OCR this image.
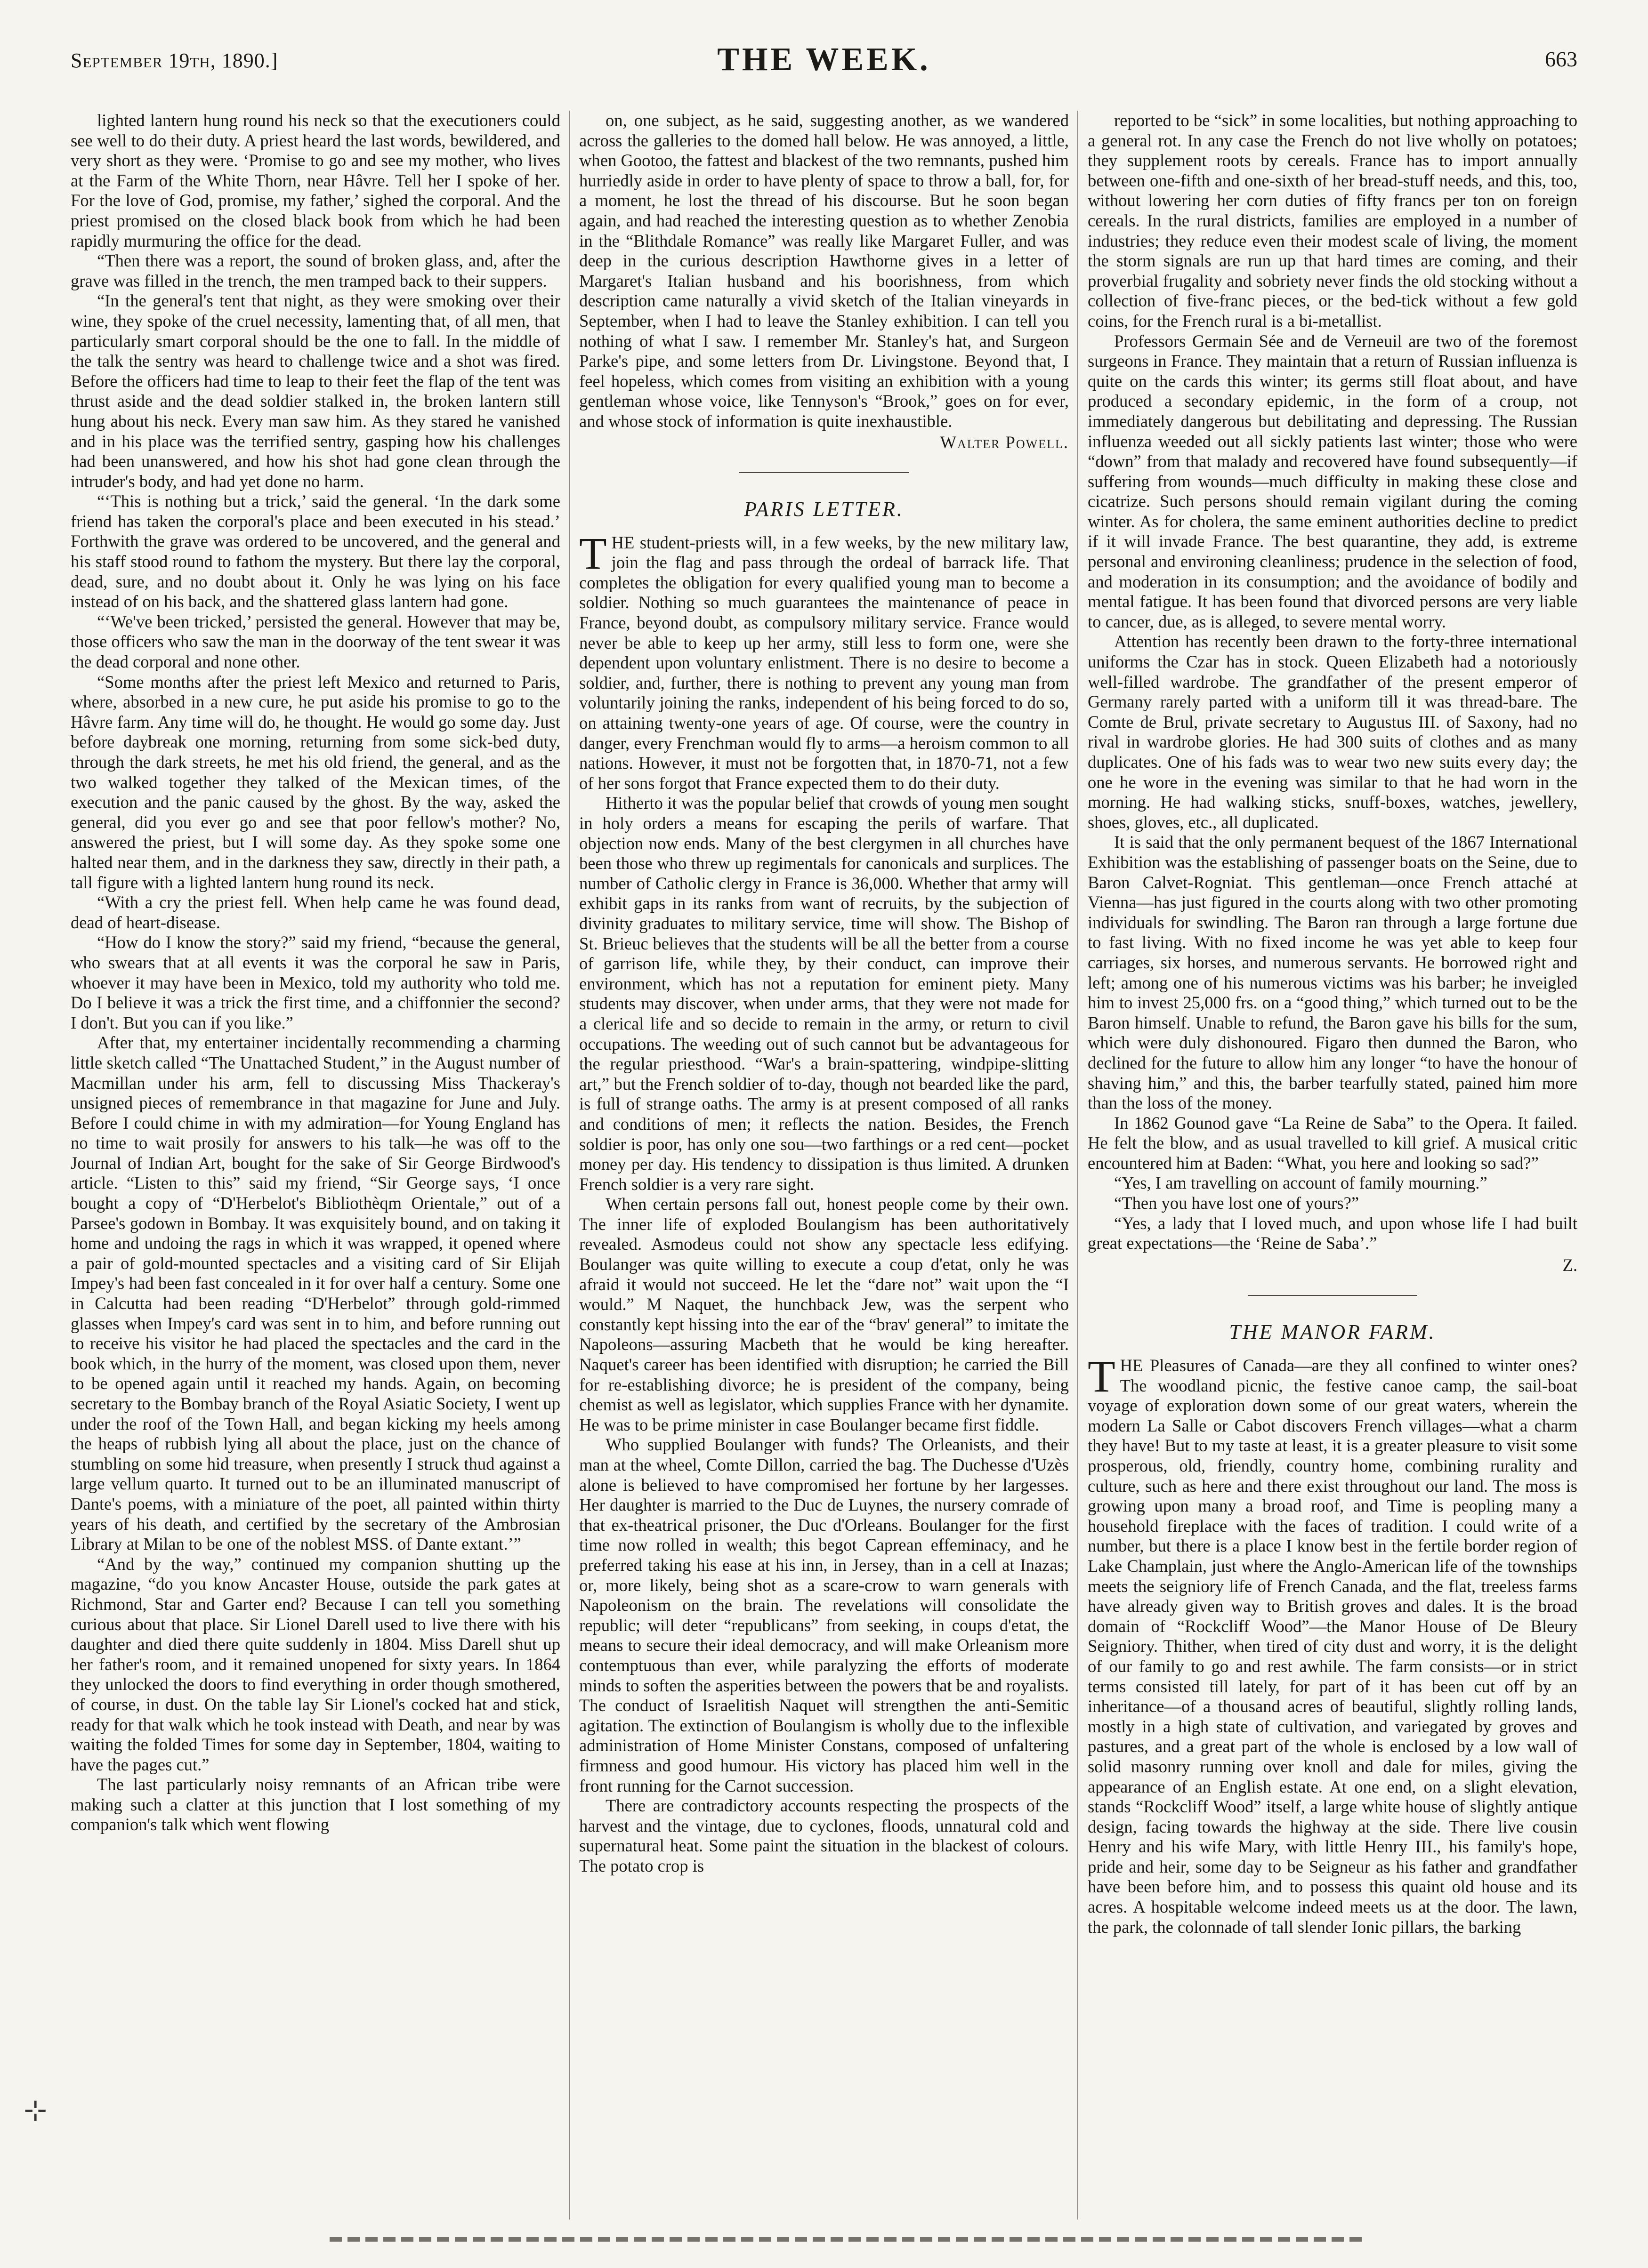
September 19th, 1890.]	THE WEEK.	663

lighted lantern hung round his neck so that the executioners could see well to do their duty. A priest heard the last words, bewildered, and very short as they were. ‘Promise to go and see my mother, who lives at the Farm of the White Thorn, near Hâvre. Tell her I spoke of her. For the love of God, promise, my father,’ sighed the corporal. And the priest promised on the closed black book from which he had been rapidly murmuring the office for the dead.

“Then there was a report, the sound of broken glass, and, after the grave was filled in the trench, the men tramped back to their suppers.

“In the general's tent that night, as they were smoking over their wine, they spoke of the cruel necessity, lamenting that, of all men, that particularly smart corporal should be the one to fall. In the middle of the talk the sentry was heard to challenge twice and a shot was fired. Before the officers had time to leap to their feet the flap of the tent was thrust aside and the dead soldier stalked in, the broken lantern still hung about his neck. Every man saw him. As they stared he vanished and in his place was the terrified sentry, gasping how his challenges had been unanswered, and how his shot had gone clean through the intruder's body, and had yet done no harm.

“‘This is nothing but a trick,’ said the general. ‘In the dark some friend has taken the corporal's place and been executed in his stead.’ Forthwith the grave was ordered to be uncovered, and the general and his staff stood round to fathom the mystery. But there lay the corporal, dead, sure, and no doubt about it. Only he was lying on his face instead of on his back, and the shattered glass lantern had gone.

“‘We've been tricked,’ persisted the general. However that may be, those officers who saw the man in the doorway of the tent swear it was the dead corporal and none other.

“Some months after the priest left Mexico and returned to Paris, where, absorbed in a new cure, he put aside his promise to go to the Hâvre farm. Any time will do, he thought. He would go some day. Just before daybreak one morning, returning from some sick-bed duty, through the dark streets, he met his old friend, the general, and as the two walked together they talked of the Mexican times, of the execution and the panic caused by the ghost. By the way, asked the general, did you ever go and see that poor fellow's mother? No, answered the priest, but I will some day. As they spoke some one halted near them, and in the darkness they saw, directly in their path, a tall figure with a lighted lantern hung round its neck.

“With a cry the priest fell. When help came he was found dead, dead of heart-disease.

“How do I know the story?” said my friend, “because the general, who swears that at all events it was the corporal he saw in Paris, whoever it may have been in Mexico, told my authority who told me. Do I believe it was a trick the first time, and a chiffonnier the second? I don't. But you can if you like.”

After that, my entertainer incidentally recommending a charming little sketch called “The Unattached Student,” in the August number of Macmillan under his arm, fell to discussing Miss Thackeray's unsigned pieces of remembrance in that magazine for June and July. Before I could chime in with my admiration—for Young England has no time to wait prosily for answers to his talk—he was off to the Journal of Indian Art, bought for the sake of Sir George Birdwood's article. “Listen to this” said my friend, “Sir George says, ‘I once bought a copy of “D'Herbelot's Bibliothèqm Orientale,” out of a Parsee's godown in Bombay. It was exquisitely bound, and on taking it home and undoing the rags in which it was wrapped, it opened where a pair of gold-mounted spectacles and a visiting card of Sir Elijah Impey's had been fast concealed in it for over half a century. Some one in Calcutta had been reading “D'Herbelot” through gold-rimmed glasses when Impey's card was sent in to him, and before running out to receive his visitor he had placed the spectacles and the card in the book which, in the hurry of the moment, was closed upon them, never to be opened again until it reached my hands. Again, on becoming secretary to the Bombay branch of the Royal Asiatic Society, I went up under the roof of the Town Hall, and began kicking my heels among the heaps of rubbish lying all about the place, just on the chance of stumbling on some hid treasure, when presently I struck thud against a large vellum quarto. It turned out to be an illuminated manuscript of Dante's poems, with a miniature of the poet, all painted within thirty years of his death, and certified by the secretary of the Ambrosian Library at Milan to be one of the noblest MSS. of Dante extant.’”

“And by the way,” continued my companion shutting up the magazine, “do you know Ancaster House, outside the park gates at Richmond, Star and Garter end? Because I can tell you something curious about that place. Sir Lionel Darell used to live there with his daughter and died there quite suddenly in 1804. Miss Darell shut up her father's room, and it remained unopened for sixty years. In 1864 they unlocked the doors to find everything in order though smothered, of course, in dust. On the table lay Sir Lionel's cocked hat and stick, ready for that walk which he took instead with Death, and near by was waiting the folded Times for some day in September, 1804, waiting to have the pages cut.”

The last particularly noisy remnants of an African tribe were making such a clatter at this junction that I lost something of my companion's talk which went flowing

on, one subject, as he said, suggesting another, as we wandered across the galleries to the domed hall below. He was annoyed, a little, when Gootoo, the fattest and blackest of the two remnants, pushed him hurriedly aside in order to have plenty of space to throw a ball, for, for a moment, he lost the thread of his discourse. But he soon began again, and had reached the interesting question as to whether Zenobia in the “Blithdale Romance” was really like Margaret Fuller, and was deep in the curious description Hawthorne gives in a letter of Margaret's Italian husband and his boorishness, from which description came naturally a vivid sketch of the Italian vineyards in September, when I had to leave the Stanley exhibition. I can tell you nothing of what I saw. I remember Mr. Stanley's hat, and Surgeon Parke's pipe, and some letters from Dr. Livingstone. Beyond that, I feel hopeless, which comes from visiting an exhibition with a young gentleman whose voice, like Tennyson's “Brook,” goes on for ever, and whose stock of information is quite inexhaustible.

Walter Powell.
PARIS LETTER.

THE student-priests will, in a few weeks, by the new military law, join the flag and pass through the ordeal of barrack life. That completes the obligation for every qualified young man to become a soldier. Nothing so much guarantees the maintenance of peace in France, beyond doubt, as compulsory military service. France would never be able to keep up her army, still less to form one, were she dependent upon voluntary enlistment. There is no desire to become a soldier, and, further, there is nothing to prevent any young man from voluntarily joining the ranks, independent of his being forced to do so, on attaining twenty-one years of age. Of course, were the country in danger, every Frenchman would fly to arms—a heroism common to all nations. However, it must not be forgotten that, in 1870-71, not a few of her sons forgot that France expected them to do their duty.

Hitherto it was the popular belief that crowds of young men sought in holy orders a means for escaping the perils of warfare. That objection now ends. Many of the best clergymen in all churches have been those who threw up regimentals for canonicals and surplices. The number of Catholic clergy in France is 36,000. Whether that army will exhibit gaps in its ranks from want of recruits, by the subjection of divinity graduates to military service, time will show. The Bishop of St. Brieuc believes that the students will be all the better from a course of garrison life, while they, by their conduct, can improve their environment, which has not a reputation for eminent piety. Many students may discover, when under arms, that they were not made for a clerical life and so decide to remain in the army, or return to civil occupations. The weeding out of such cannot but be advantageous for the regular priesthood. “War's a brain-spattering, windpipe-slitting art,” but the French soldier of to-day, though not bearded like the pard, is full of strange oaths. The army is at present composed of all ranks and conditions of men; it reflects the nation. Besides, the French soldier is poor, has only one sou—two farthings or a red cent—pocket money per day. His tendency to dissipation is thus limited. A drunken French soldier is a very rare sight.

When certain persons fall out, honest people come by their own. The inner life of exploded Boulangism has been authoritatively revealed. Asmodeus could not show any spectacle less edifying. Boulanger was quite willing to execute a coup d'etat, only he was afraid it would not succeed. He let the “dare not” wait upon the “I would.” M Naquet, the hunchback Jew, was the serpent who constantly kept hissing into the ear of the “brav' general” to imitate the Napoleons—assuring Macbeth that he would be king hereafter. Naquet's career has been identified with disruption; he carried the Bill for re-establishing divorce; he is president of the company, being chemist as well as legislator, which supplies France with her dynamite. He was to be prime minister in case Boulanger became first fiddle.

Who supplied Boulanger with funds? The Orleanists, and their man at the wheel, Comte Dillon, carried the bag. The Duchesse d'Uzès alone is believed to have compromised her fortune by her largesses. Her daughter is married to the Duc de Luynes, the nursery comrade of that ex-theatrical prisoner, the Duc d'Orleans. Boulanger for the first time now rolled in wealth; this begot Caprean effeminacy, and he preferred taking his ease at his inn, in Jersey, than in a cell at Inazas; or, more likely, being shot as a scare-crow to warn generals with Napoleonism on the brain. The revelations will consolidate the republic; will deter “republicans” from seeking, in coups d'etat, the means to secure their ideal democracy, and will make Orleanism more contemptuous than ever, while paralyzing the efforts of moderate minds to soften the asperities between the powers that be and royalists. The conduct of Israelitish Naquet will strengthen the anti-Semitic agitation. The extinction of Boulangism is wholly due to the inflexible administration of Home Minister Constans, composed of unfaltering firmness and good humour. His victory has placed him well in the front running for the Carnot succession.

There are contradictory accounts respecting the prospects of the harvest and the vintage, due to cyclones, floods, unnatural cold and supernatural heat. Some paint the situation in the blackest of colours. The potato crop is

reported to be “sick” in some localities, but nothing approaching to a general rot. In any case the French do not live wholly on potatoes; they supplement roots by cereals. France has to import annually between one-fifth and one-sixth of her bread-stuff needs, and this, too, without lowering her corn duties of fifty francs per ton on foreign cereals. In the rural districts, families are employed in a number of industries; they reduce even their modest scale of living, the moment the storm signals are run up that hard times are coming, and their proverbial frugality and sobriety never finds the old stocking without a collection of five-franc pieces, or the bed-tick without a few gold coins, for the French rural is a bi-metallist.

Professors Germain Sée and de Verneuil are two of the foremost surgeons in France. They maintain that a return of Russian influenza is quite on the cards this winter; its germs still float about, and have produced a secondary epidemic, in the form of a croup, not immediately dangerous but debilitating and depressing. The Russian influenza weeded out all sickly patients last winter; those who were “down” from that malady and recovered have found subsequently—if suffering from wounds—much difficulty in making these close and cicatrize. Such persons should remain vigilant during the coming winter. As for cholera, the same eminent authorities decline to predict if it will invade France. The best quarantine, they add, is extreme personal and environing cleanliness; prudence in the selection of food, and moderation in its consumption; and the avoidance of bodily and mental fatigue. It has been found that divorced persons are very liable to cancer, due, as is alleged, to severe mental worry.

Attention has recently been drawn to the forty-three international uniforms the Czar has in stock. Queen Elizabeth had a notoriously well-filled wardrobe. The grandfather of the present emperor of Germany rarely parted with a uniform till it was thread-bare. The Comte de Brul, private secretary to Augustus III. of Saxony, had no rival in wardrobe glories. He had 300 suits of clothes and as many duplicates. One of his fads was to wear two new suits every day; the one he wore in the evening was similar to that he had worn in the morning. He had walking sticks, snuff-boxes, watches, jewellery, shoes, gloves, etc., all duplicated.

It is said that the only permanent bequest of the 1867 International Exhibition was the establishing of passenger boats on the Seine, due to Baron Calvet-Rogniat. This gentleman—once French attaché at Vienna—has just figured in the courts along with two other promoting individuals for swindling. The Baron ran through a large fortune due to fast living. With no fixed income he was yet able to keep four carriages, six horses, and numerous servants. He borrowed right and left; among one of his numerous victims was his barber; he inveigled him to invest 25,000 frs. on a “good thing,” which turned out to be the Baron himself. Unable to refund, the Baron gave his bills for the sum, which were duly dishonoured. Figaro then dunned the Baron, who declined for the future to allow him any longer “to have the honour of shaving him,” and this, the barber tearfully stated, pained him more than the loss of the money.

In 1862 Gounod gave “La Reine de Saba” to the Opera. It failed. He felt the blow, and as usual travelled to kill grief. A musical critic encountered him at Baden: “What, you here and looking so sad?”

“Yes, I am travelling on account of family mourning.”

“Then you have lost one of yours?”

“Yes, a lady that I loved much, and upon whose life I had built great expectations—the ‘Reine de Saba’.”

Z.
THE MANOR FARM.

THE Pleasures of Canada—are they all confined to winter ones? The woodland picnic, the festive canoe camp, the sail-boat voyage of exploration down some of our great waters, wherein the modern La Salle or Cabot discovers French villages—what a charm they have! But to my taste at least, it is a greater pleasure to visit some prosperous, old, friendly, country home, combining rurality and culture, such as here and there exist throughout our land. The moss is growing upon many a broad roof, and Time is peopling many a household fireplace with the faces of tradition. I could write of a number, but there is a place I know best in the fertile border region of Lake Champlain, just where the Anglo-American life of the townships meets the seigniory life of French Canada, and the flat, treeless farms have already given way to British groves and dales. It is the broad domain of “Rockcliff Wood”—the Manor House of De Bleury Seigniory. Thither, when tired of city dust and worry, it is the delight of our family to go and rest awhile. The farm consists—or in strict terms consisted till lately, for part of it has been cut off by an inheritance—of a thousand acres of beautiful, slightly rolling lands, mostly in a high state of cultivation, and variegated by groves and pastures, and a great part of the whole is enclosed by a low wall of solid masonry running over knoll and dale for miles, giving the appearance of an English estate. At one end, on a slight elevation, stands “Rockcliff Wood” itself, a large white house of slightly antique design, facing towards the highway at the side. There live cousin Henry and his wife Mary, with little Henry III., his family's hope, pride and heir, some day to be Seigneur as his father and grandfather have been before him, and to possess this quaint old house and its acres. A hospitable welcome indeed meets us at the door. The lawn, the park, the colonnade of tall slender Ionic pillars, the barking

⊹
